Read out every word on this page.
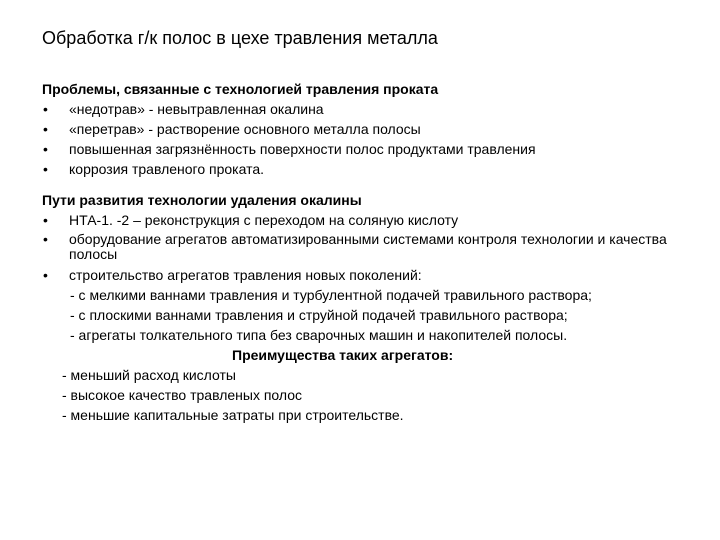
Обработка г/к полос в цехе травления металла
Проблемы, связанные с технологией травления проката
• «недотрав» - невытравленная окалина
• «перетрав» - растворение основного металла полосы
• повышенная загрязнённость поверхности полос продуктами травления
• коррозия травленого проката.
Пути развития технологии удаления окалины
• НТА-1. -2 – реконструкция с переходом на соляную кислоту
• оборудование агрегатов автоматизированными системами контроля технологии и качества полосы
• строительство агрегатов травления новых поколений:
- с мелкими ваннами травления и турбулентной подачей травильного раствора;
- с плоскими ваннами травления и струйной подачей травильного раствора;
- агрегаты толкательного типа без сварочных машин и накопителей полосы.
Преимущества таких агрегатов:
- меньший расход кислоты
- высокое качество травленых полос
- меньшие капитальные затраты при строительстве.
